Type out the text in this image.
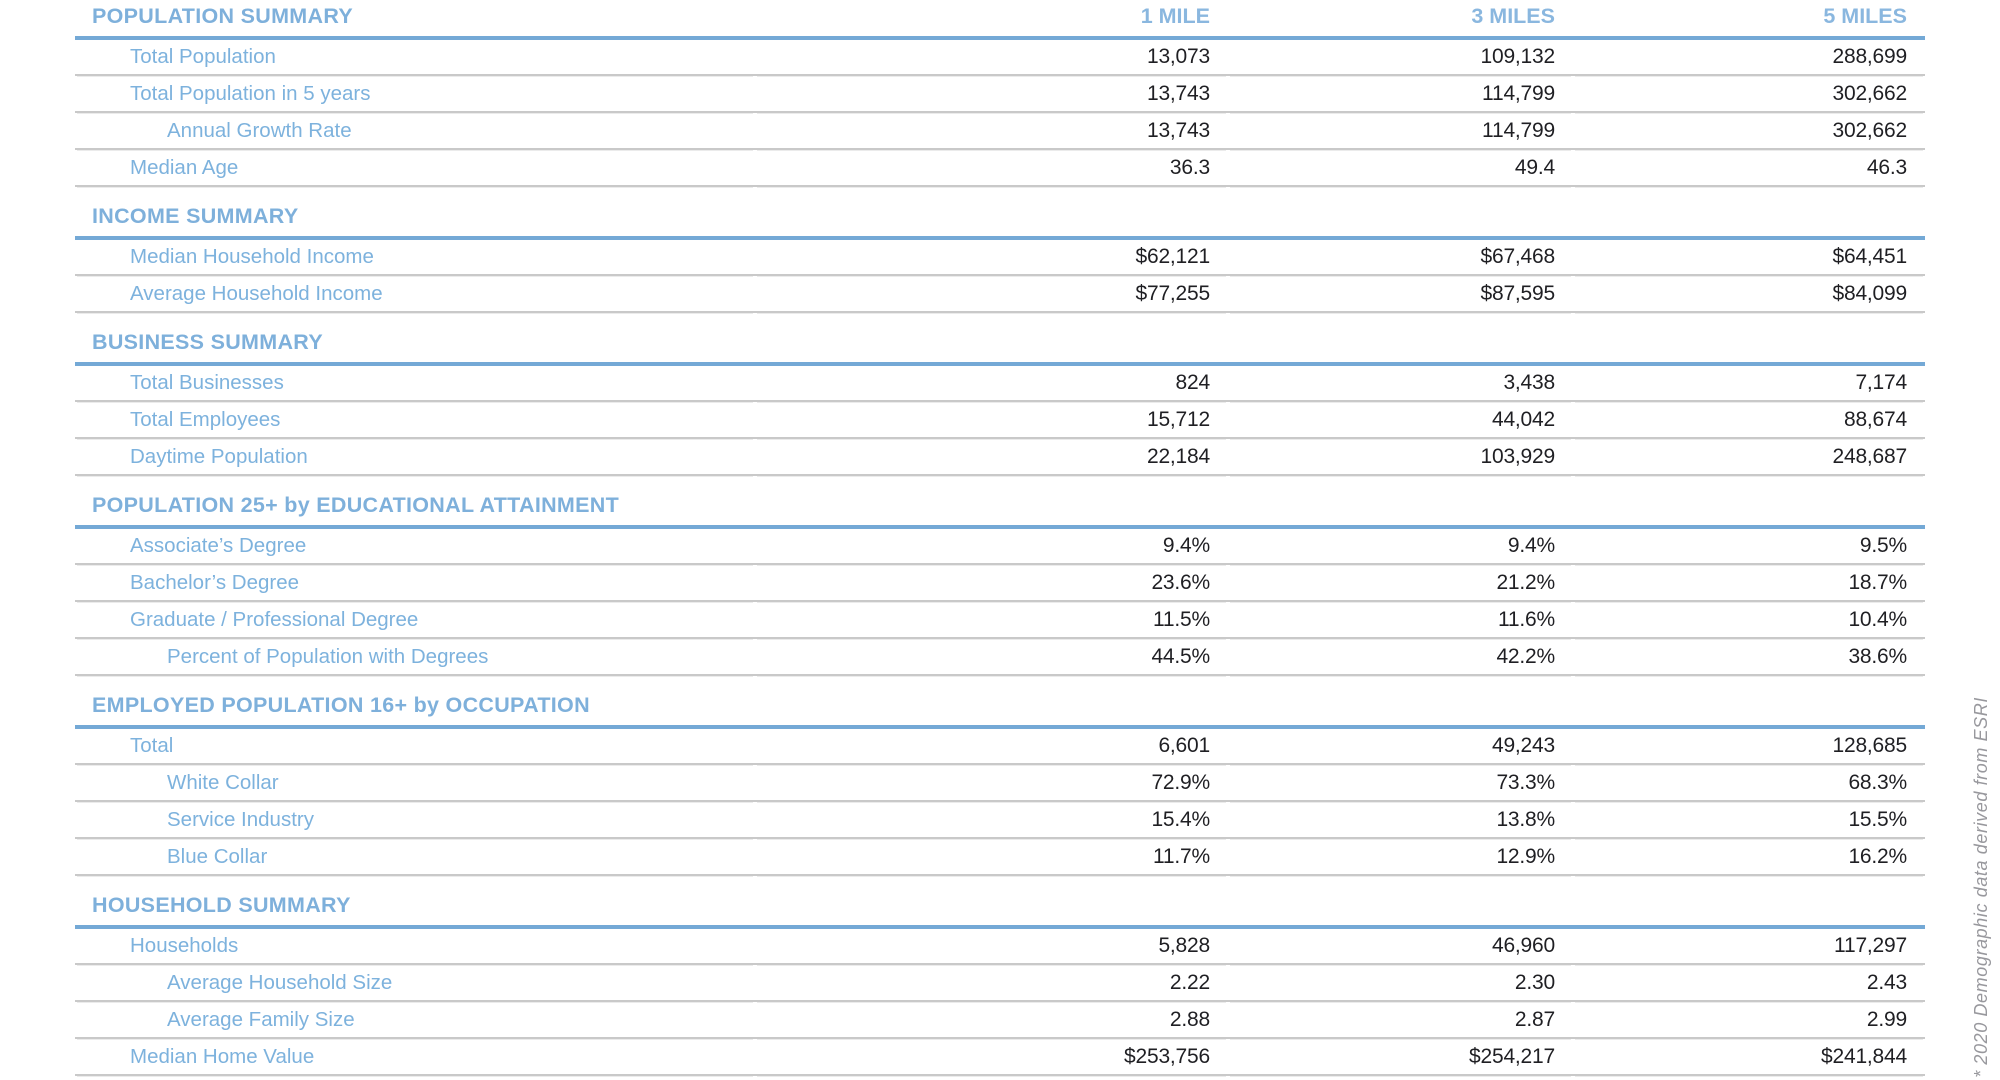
POPULATION SUMMARY	1 MILE	3 MILES	5 MILES
Total Population	13,073	109,132	288,699
Total Population in 5 years	13,743	114,799	302,662
Annual Growth Rate	13,743	114,799	302,662
Median Age	36.3	49.4	46.3
INCOME SUMMARY			
Median Household Income	$62,121	$67,468	$64,451
Average Household Income	$77,255	$87,595	$84,099
BUSINESS SUMMARY			
Total Businesses	824	3,438	7,174
Total Employees	15,712	44,042	88,674
Daytime Population	22,184	103,929	248,687
POPULATION 25+ by EDUCATIONAL ATTAINMENT			
Associate’s Degree	9.4%	9.4%	9.5%
Bachelor’s Degree	23.6%	21.2%	18.7%
Graduate / Professional Degree	11.5%	11.6%	10.4%
Percent of Population with Degrees	44.5%	42.2%	38.6%
EMPLOYED POPULATION 16+ by OCCUPATION			
Total	6,601	49,243	128,685
White Collar	72.9%	73.3%	68.3%
Service Industry	15.4%	13.8%	15.5%
Blue Collar	11.7%	12.9%	16.2%
HOUSEHOLD SUMMARY			
Households	5,828	46,960	117,297
Average Household Size	2.22	2.30	2.43
Average Family Size	2.88	2.87	2.99
Median Home Value	$253,756	$254,217	$241,844	* 2020 Demographic data derived from ESRI
